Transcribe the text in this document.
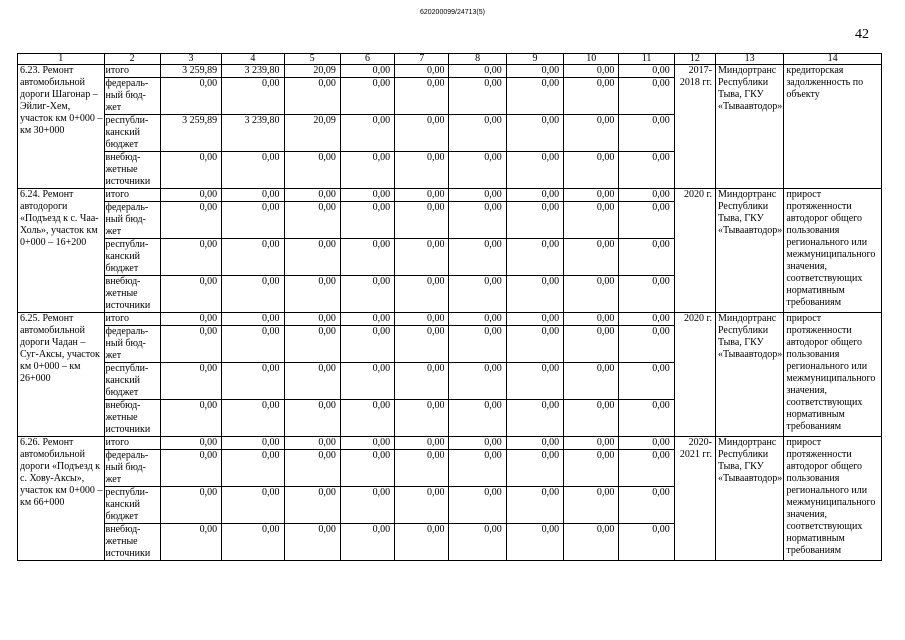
620200099/24713(5)
42
1	2	3	4	5	6	7	8	9	10	11	12	13	14
6.23. Ремонт автомобильной дороги Шагонар – Эйлиг-Хем, участок км 0+000 – км 30+000	итого	3 259,89	3 239,80	20,09	0,00	0,00	0,00	0,00	0,00	0,00	2017-2018 гг.	Миндортранс Республики Тыва, ГКУ «Тываавтодор»	кредиторская задолженность по объекту
	федераль-ный бюд-жет	0,00	0,00	0,00	0,00	0,00	0,00	0,00	0,00	0,00			
	республи-канский бюджет	3 259,89	3 239,80	20,09	0,00	0,00	0,00	0,00	0,00	0,00			
	внебюд-жетные источники	0,00	0,00	0,00	0,00	0,00	0,00	0,00	0,00	0,00			
6.24. Ремонт автодороги «Подъезд к с. Чаа-Холь», участок км 0+000 – 16+200	итого	0,00	0,00	0,00	0,00	0,00	0,00	0,00	0,00	0,00	2020 г.	Миндортранс Республики Тыва, ГКУ «Тываавтодор»	прирост протяженности автодорог общего пользования регионального или межмуниципального значения, соответствующих нормативным требованиям
	федераль-ный бюд-жет	0,00	0,00	0,00	0,00	0,00	0,00	0,00	0,00	0,00			
	республи-канский бюджет	0,00	0,00	0,00	0,00	0,00	0,00	0,00	0,00	0,00			
	внебюд-жетные источники	0,00	0,00	0,00	0,00	0,00	0,00	0,00	0,00	0,00			
6.25. Ремонт автомобильной дороги Чадан – Суг-Аксы, участок км 0+000 – км 26+000	итого	0,00	0,00	0,00	0,00	0,00	0,00	0,00	0,00	0,00	2020 г.	Миндортранс Республики Тыва, ГКУ «Тываавтодор»	прирост протяженности автодорог общего пользования регионального или межмуниципального значения, соответствующих нормативным требованиям
	федераль-ный бюд-жет	0,00	0,00	0,00	0,00	0,00	0,00	0,00	0,00	0,00			
	республи-канский бюджет	0,00	0,00	0,00	0,00	0,00	0,00	0,00	0,00	0,00			
	внебюд-жетные источники	0,00	0,00	0,00	0,00	0,00	0,00	0,00	0,00	0,00			
6.26. Ремонт автомобильной дороги «Подъезд к с. Хову-Аксы», участок км 0+000 – км 66+000	итого	0,00	0,00	0,00	0,00	0,00	0,00	0,00	0,00	0,00	2020-2021 гг.	Миндортранс Республики Тыва, ГКУ «Тываавтодор»	прирост протяженности автодорог общего пользования регионального или межмуниципального значения, соответствующих нормативным требованиям
	федераль-ный бюд-жет	0,00	0,00	0,00	0,00	0,00	0,00	0,00	0,00	0,00			
	республи-канский бюджет	0,00	0,00	0,00	0,00	0,00	0,00	0,00	0,00	0,00			
	внебюд-жетные источники	0,00	0,00	0,00	0,00	0,00	0,00	0,00	0,00	0,00			
